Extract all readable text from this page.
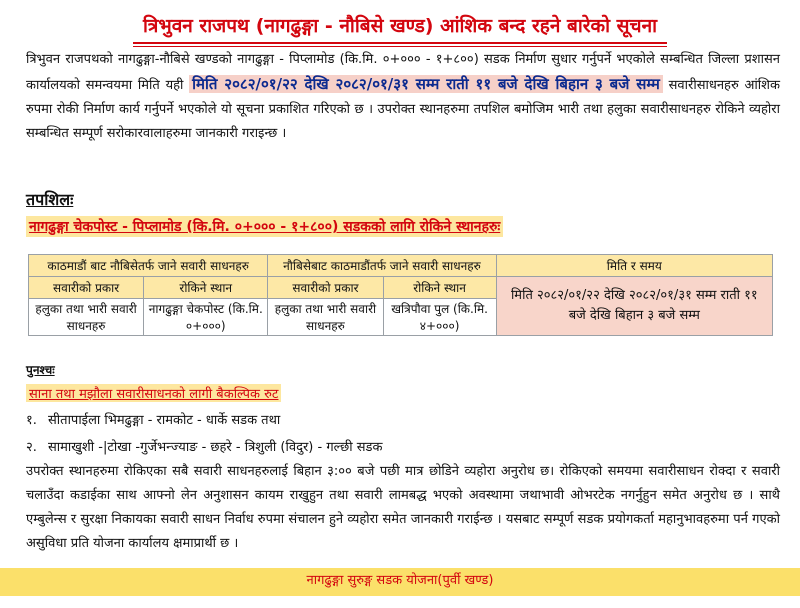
त्रिभुवन राजपथ (नागढुङ्गा - नौबिसे खण्ड) आंशिक बन्द रहने बारेको सूचना
त्रिभुवन राजपथको नागढुङ्गा-नौबिसे खण्डको नागढुङ्गा - पिप्लामोड (कि.मि. ०+००० - १+८००) सडक निर्माण सुधार गर्नुपर्ने भएकोले सम्बन्धित जिल्ला प्रशासन कार्यालयको समन्वयमा मिति यही मिति २०८२/०१/२२ देखि २०८२/०१/३१ सम्म राती ११ बजे देखि बिहान ३ बजे सम्म सवारीसाधनहरु आंशिक रुपमा रोकी निर्माण कार्य गर्नुपर्ने भएकोले यो सूचना प्रकाशित गरिएको छ । उपरोक्त स्थानहरुमा तपशिल बमोजिम भारी तथा हलुका सवारीसाधनहरु रोकिने व्यहोरा सम्बन्धित सम्पूर्ण सरोकारवालाहरुमा जानकारी गराइन्छ ।
तपशिलः
नागढुङ्गा चेकपोस्ट - पिप्लामोड (कि.मि. ०+००० - १+८००) सडकको लागि रोकिने स्थानहरुः
काठमाडौं बाट नौबिसेतर्फ जाने सवारी साधनहरु		नौबिसेबाट काठमाडौंतर्फ जाने सवारी साधनहरु		मिति र समय
सवारीको प्रकार	रोकिने स्थान	सवारीको प्रकार	रोकिने स्थान	मिति २०८२/०१/२२ देखि २०८२/०१/३१ सम्म राती ११ बजे देखि बिहान ३ बजे सम्म
हलुका तथा भारी सवारी साधनहरु	नागढुङ्गा चेकपोस्ट (कि.मि. ०+०००)	हलुका तथा भारी सवारी साधनहरु	खत्रिपौवा पुल (कि.मि. ४+०००)	
पुनश्चः
साना तथा मझौला सवारीसाधनको लागी बैकल्पिक रुट
१. सीतापाईला भिमढुङ्गा - रामकोट - धार्के सडक तथा
२. सामाखुशी -|टोखा -गुर्जेभन्ज्याङ - छहरे - त्रिशुली (विदुर) - गल्छी सडक
उपरोक्त स्थानहरुमा रोकिएका सबै सवारी साधनहरुलाई बिहान ३:०० बजे पछी मात्र छोडिने व्यहोरा अनुरोध छ। रोकिएको समयमा सवारीसाधन रोक्दा र सवारी चलाउँदा कडाईका साथ आफ्नो लेन अनुशासन कायम राखुहुन तथा सवारी लामबद्ध भएको अवस्थामा जथाभावी ओभरटेक नगर्नुहुन समेत अनुरोध छ । साथै एम्बुलेन्स र सुरक्षा निकायका सवारी साधन निर्वाध रुपमा संचालन हुने व्यहोरा समेत जानकारी गराईन्छ । यसबाट सम्पूर्ण सडक प्रयोगकर्ता महानुभावहरुमा पर्न गएको असुविधा प्रति योजना कार्यालय क्षमाप्रार्थी छ ।
नागढुङ्गा सुरुङ्ग सडक योजना(पुर्वी खण्ड)
